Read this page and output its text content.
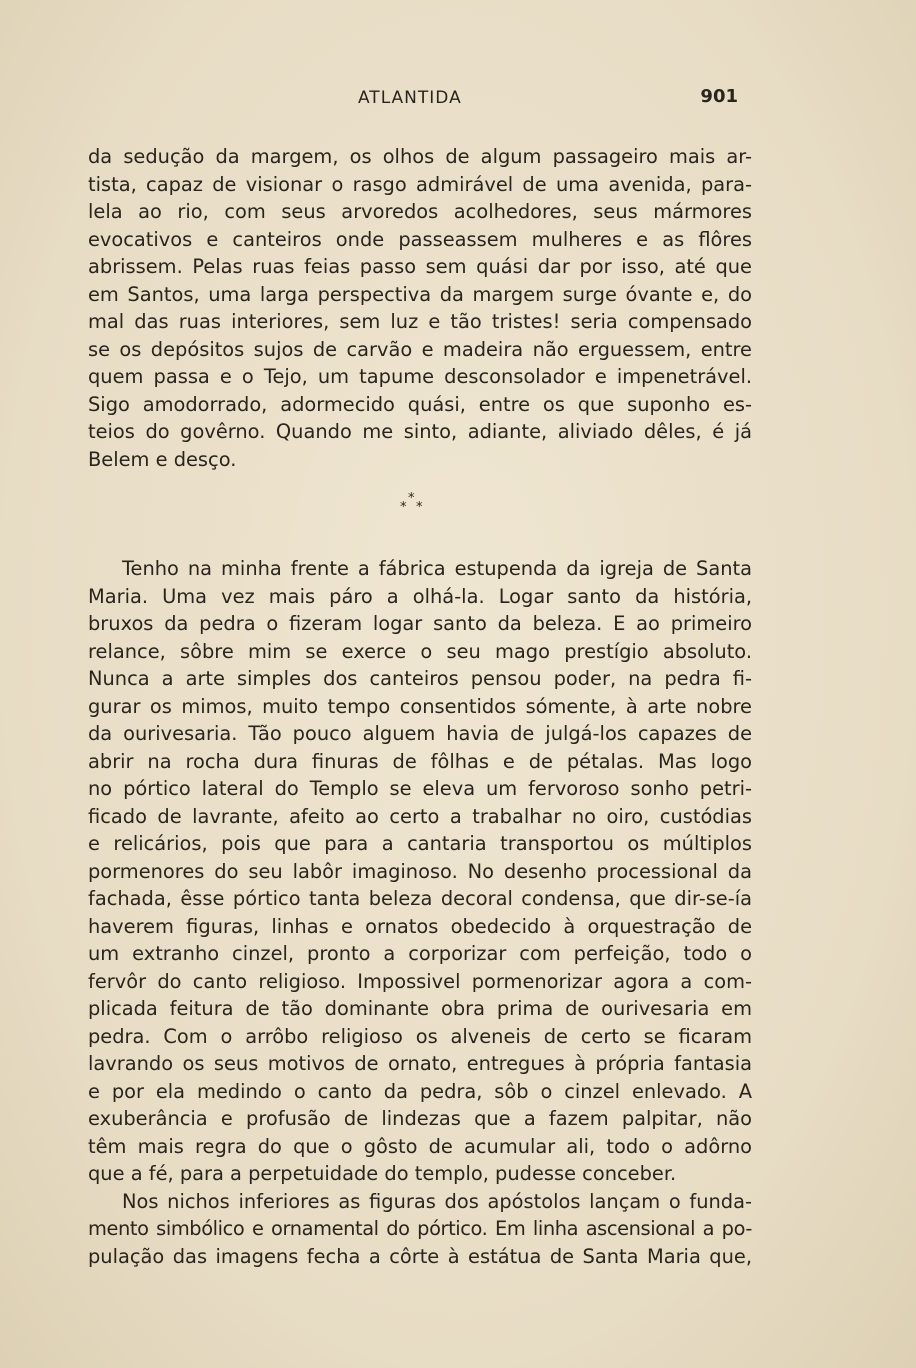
ATLANTIDA	901
da sedução da margem, os olhos de algum passageiro mais ar-
tista, capaz de visionar o rasgo admirável de uma avenida, para-
lela ao rio, com seus arvoredos acolhedores, seus mármores
evocativos e canteiros onde passeassem mulheres e as flôres
abrissem. Pelas ruas feias passo sem quási dar por isso, até que
em Santos, uma larga perspectiva da margem surge óvante e, do
mal das ruas interiores, sem luz e tão tristes! seria compensado
se os depósitos sujos de carvão e madeira não erguessem, entre
quem passa e o Tejo, um tapume desconsolador e impenetrável.
Sigo amodorrado, adormecido quási, entre os que suponho es-
teios do govêrno. Quando me sinto, adiante, aliviado dêles, é já
Belem e desço.
*
* *
Tenho na minha frente a fábrica estupenda da igreja de Santa
Maria. Uma vez mais páro a olhá-la. Logar santo da história,
bruxos da pedra o fizeram logar santo da beleza. E ao primeiro
relance, sôbre mim se exerce o seu mago prestígio absoluto.
Nunca a arte simples dos canteiros pensou poder, na pedra fi-
gurar os mimos, muito tempo consentidos sómente, à arte nobre
da ourivesaria. Tão pouco alguem havia de julgá-los capazes de
abrir na rocha dura finuras de fôlhas e de pétalas. Mas logo
no pórtico lateral do Templo se eleva um fervoroso sonho petri-
ficado de lavrante, afeito ao certo a trabalhar no oiro, custódias
e relicários, pois que para a cantaria transportou os múltiplos
pormenores do seu labôr imaginoso. No desenho processional da
fachada, êsse pórtico tanta beleza decoral condensa, que dir-se-ía
haverem figuras, linhas e ornatos obedecido à orquestração de
um extranho cinzel, pronto a corporizar com perfeição, todo o
fervôr do canto religioso. Impossivel pormenorizar agora a com-
plicada feitura de tão dominante obra prima de ourivesaria em
pedra. Com o arrôbo religioso os alveneis de certo se ficaram
lavrando os seus motivos de ornato, entregues à própria fantasia
e por ela medindo o canto da pedra, sôb o cinzel enlevado. A
exuberância e profusão de lindezas que a fazem palpitar, não
têm mais regra do que o gôsto de acumular ali, todo o adôrno
que a fé, para a perpetuidade do templo, pudesse conceber.
Nos nichos inferiores as figuras dos apóstolos lançam o funda-
mento simbólico e ornamental do pórtico. Em linha ascensional a po-
pulação das imagens fecha a côrte à estátua de Santa Maria que,
